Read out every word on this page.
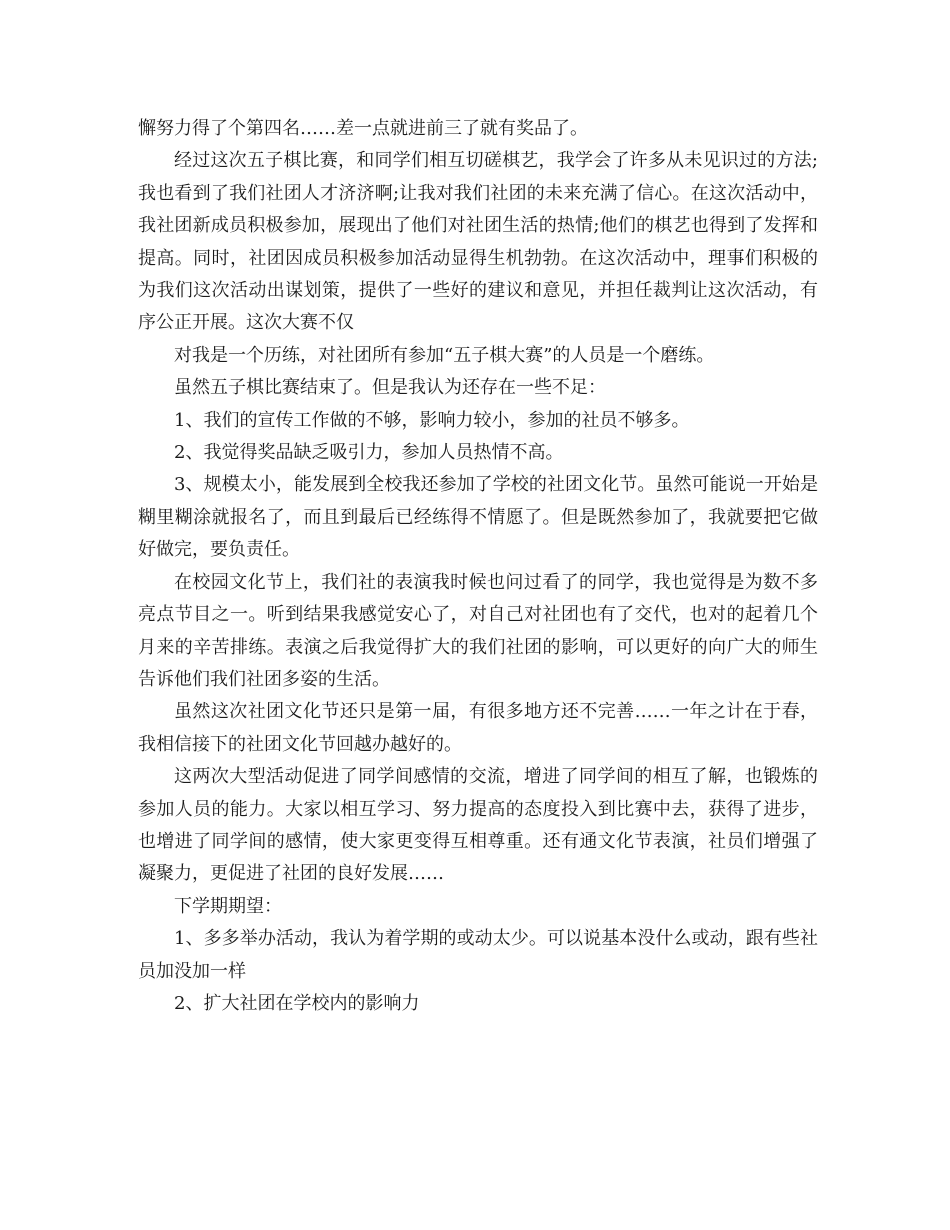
懈努力得了个第四名……差一点就进前三了就有奖品了。

经过这次五子棋比赛，和同学们相互切磋棋艺，我学会了许多从未见识过的方法;我也看到了我们社团人才济济啊;让我对我们社团的未来充满了信心。在这次活动中，我社团新成员积极参加，展现出了他们对社团生活的热情;他们的棋艺也得到了发挥和提高。同时，社团因成员积极参加活动显得生机勃勃。在这次活动中，理事们积极的为我们这次活动出谋划策，提供了一些好的建议和意见，并担任裁判让这次活动，有序公正开展。这次大赛不仅

对我是一个历练，对社团所有参加“五子棋大赛”的人员是一个磨练。

虽然五子棋比赛结束了。但是我认为还存在一些不足：

1、我们的宣传工作做的不够，影响力较小，参加的社员不够多。

2、我觉得奖品缺乏吸引力，参加人员热情不高。

3、规模太小，能发展到全校我还参加了学校的社团文化节。虽然可能说一开始是糊里糊涂就报名了，而且到最后已经练得不情愿了。但是既然参加了，我就要把它做好做完，要负责任。

在校园文化节上，我们社的表演我时候也问过看了的同学，我也觉得是为数不多亮点节目之一。听到结果我感觉安心了，对自己对社团也有了交代，也对的起着几个月来的辛苦排练。表演之后我觉得扩大的我们社团的影响，可以更好的向广大的师生告诉他们我们社团多姿的生活。

虽然这次社团文化节还只是第一届，有很多地方还不完善……一年之计在于春，我相信接下的社团文化节回越办越好的。

这两次大型活动促进了同学间感情的交流，增进了同学间的相互了解，也锻炼的参加人员的能力。大家以相互学习、努力提高的态度投入到比赛中去，获得了进步，也增进了同学间的感情，使大家更变得互相尊重。还有通文化节表演，社员们增强了凝聚力，更促进了社团的良好发展……

下学期期望：

1、多多举办活动，我认为着学期的或动太少。可以说基本没什么或动，跟有些社员加没加一样

2、扩大社团在学校内的影响力
